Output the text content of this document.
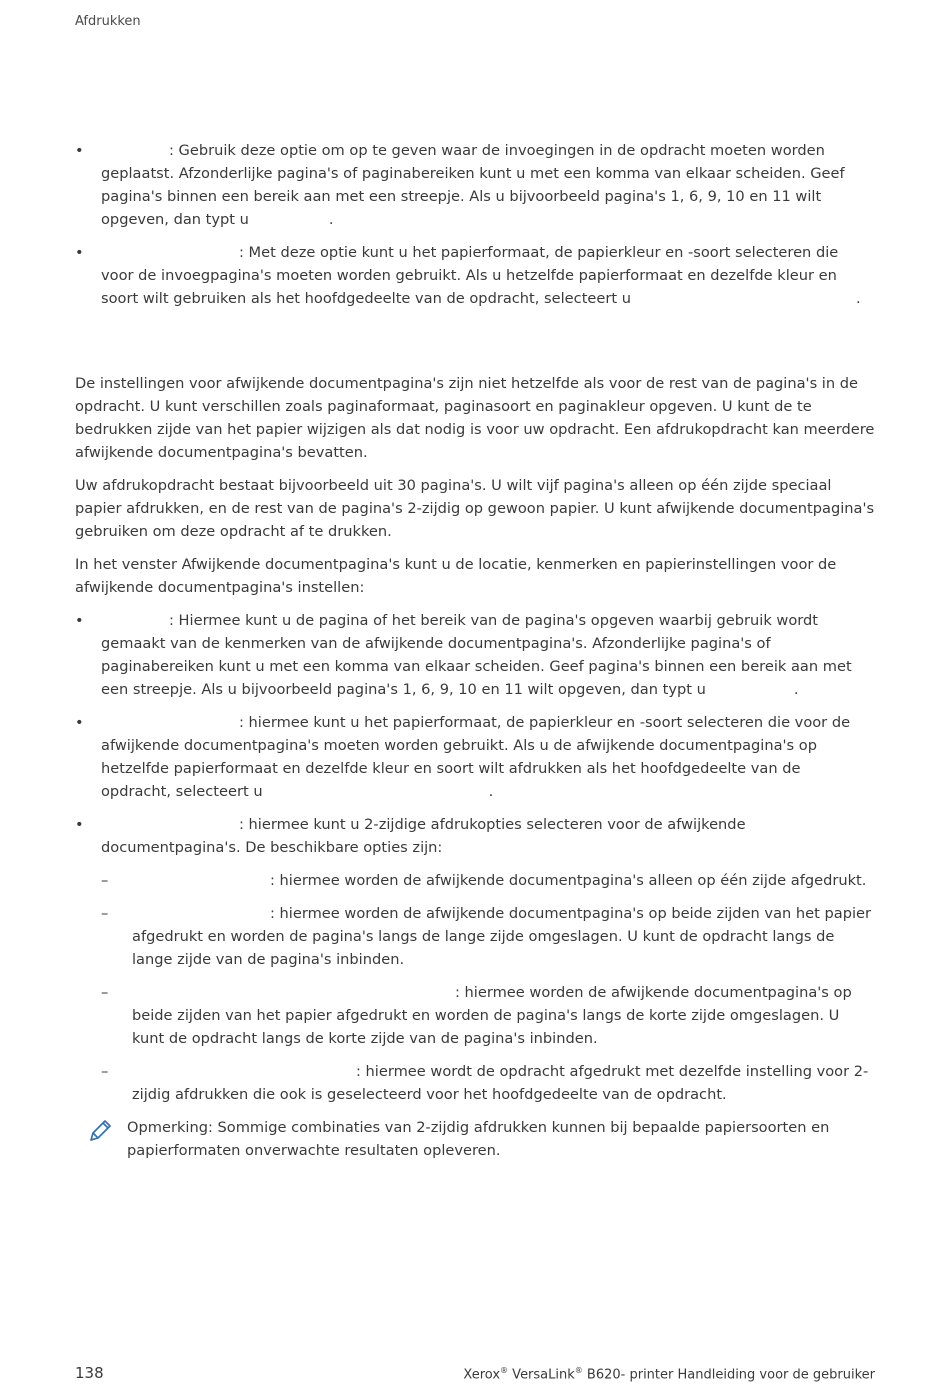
Afdrukken
•	: Gebruik deze optie om op te geven waar de invoegingen in de opdracht moeten worden geplaatst. Afzonderlijke pagina's of paginabereiken kunt u met een komma van elkaar scheiden. Geef pagina's binnen een bereik aan met een streepje. Als u bijvoorbeeld pagina's 1, 6, 9, 10 en 11 wilt opgeven, dan typt u	.
•	: Met deze optie kunt u het papierformaat, de papierkleur en -soort selecteren die voor de invoegpagina's moeten worden gebruikt. Als u hetzelfde papierformaat en dezelfde kleur en soort wilt gebruiken als het hoofdgedeelte van de opdracht, selecteert u	.

De instellingen voor afwijkende documentpagina's zijn niet hetzelfde als voor de rest van de pagina's in de opdracht. U kunt verschillen zoals paginaformaat, paginasoort en paginakleur opgeven. U kunt de te bedrukken zijde van het papier wijzigen als dat nodig is voor uw opdracht. Een afdrukopdracht kan meerdere afwijkende documentpagina's bevatten.

Uw afdrukopdracht bestaat bijvoorbeeld uit 30 pagina's. U wilt vijf pagina's alleen op één zijde speciaal papier afdrukken, en de rest van de pagina's 2-zijdig op gewoon papier. U kunt afwijkende documentpagina's gebruiken om deze opdracht af te drukken.

In het venster Afwijkende documentpagina's kunt u de locatie, kenmerken en papierinstellingen voor de afwijkende documentpagina's instellen:

•	: Hiermee kunt u de pagina of het bereik van de pagina's opgeven waarbij gebruik wordt gemaakt van de kenmerken van de afwijkende documentpagina's. Afzonderlijke pagina's of paginabereiken kunt u met een komma van elkaar scheiden. Geef pagina's binnen een bereik aan met een streepje. Als u bijvoorbeeld pagina's 1, 6, 9, 10 en 11 wilt opgeven, dan typt u	.
•	: hiermee kunt u het papierformaat, de papierkleur en -soort selecteren die voor de afwijkende documentpagina's moeten worden gebruikt. Als u de afwijkende documentpagina's op hetzelfde papierformaat en dezelfde kleur en soort wilt afdrukken als het hoofdgedeelte van de opdracht, selecteert u	.
•	: hiermee kunt u 2-zijdige afdrukopties selecteren voor de afwijkende documentpagina's. De beschikbare opties zijn:
–	: hiermee worden de afwijkende documentpagina's alleen op één zijde afgedrukt.
–	: hiermee worden de afwijkende documentpagina's op beide zijden van het papier afgedrukt en worden de pagina's langs de lange zijde omgeslagen. U kunt de opdracht langs de lange zijde van de pagina's inbinden.
–	: hiermee worden de afwijkende documentpagina's op beide zijden van het papier afgedrukt en worden de pagina's langs de korte zijde omgeslagen. U kunt de opdracht langs de korte zijde van de pagina's inbinden.
–	: hiermee wordt de opdracht afgedrukt met dezelfde instelling voor 2-zijdig afdrukken die ook is geselecteerd voor het hoofdgedeelte van de opdracht.
Opmerking: Sommige combinaties van 2-zijdig afdrukken kunnen bij bepaalde papiersoorten en papierformaten onverwachte resultaten opleveren.
138	Xerox® VersaLink® B620- printer Handleiding voor de gebruiker
